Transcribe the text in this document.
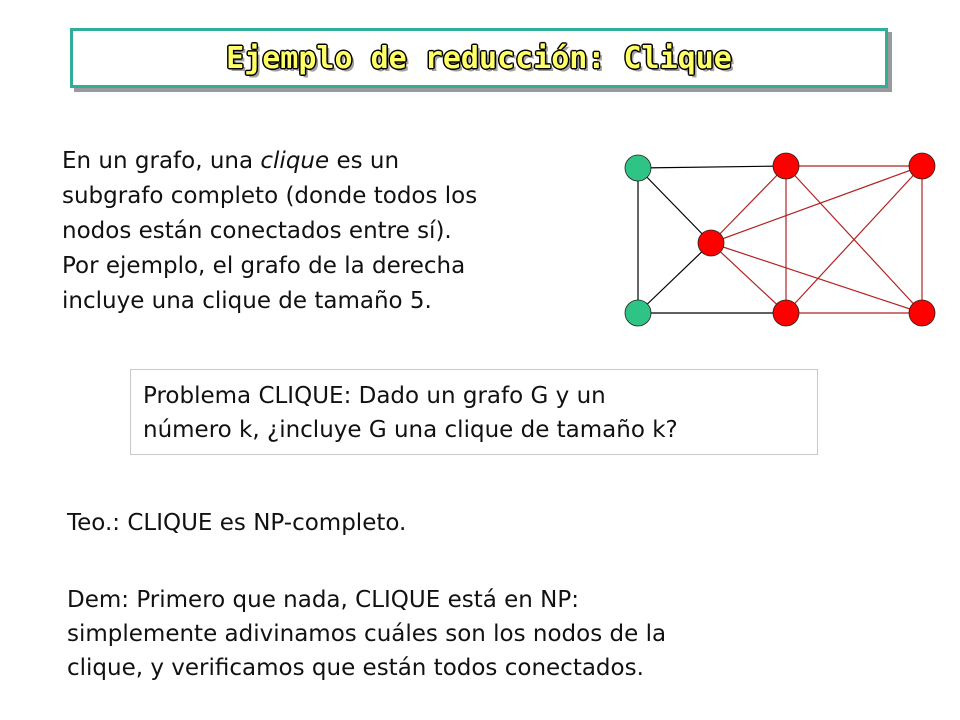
Ejemplo de reducción: Clique

En un grafo, una clique es un
subgrafo completo (donde todos los
nodos están conectados entre sí).
Por ejemplo, el grafo de la derecha
incluye una clique de tamaño 5.

Problema CLIQUE: Dado un grafo G y un
número k, ¿incluye G una clique de tamaño k?
Teo.: CLIQUE es NP-completo.
Dem: Primero que nada, CLIQUE está en NP:
simplemente adivinamos cuáles son los nodos de la
clique, y verificamos que están todos conectados.
